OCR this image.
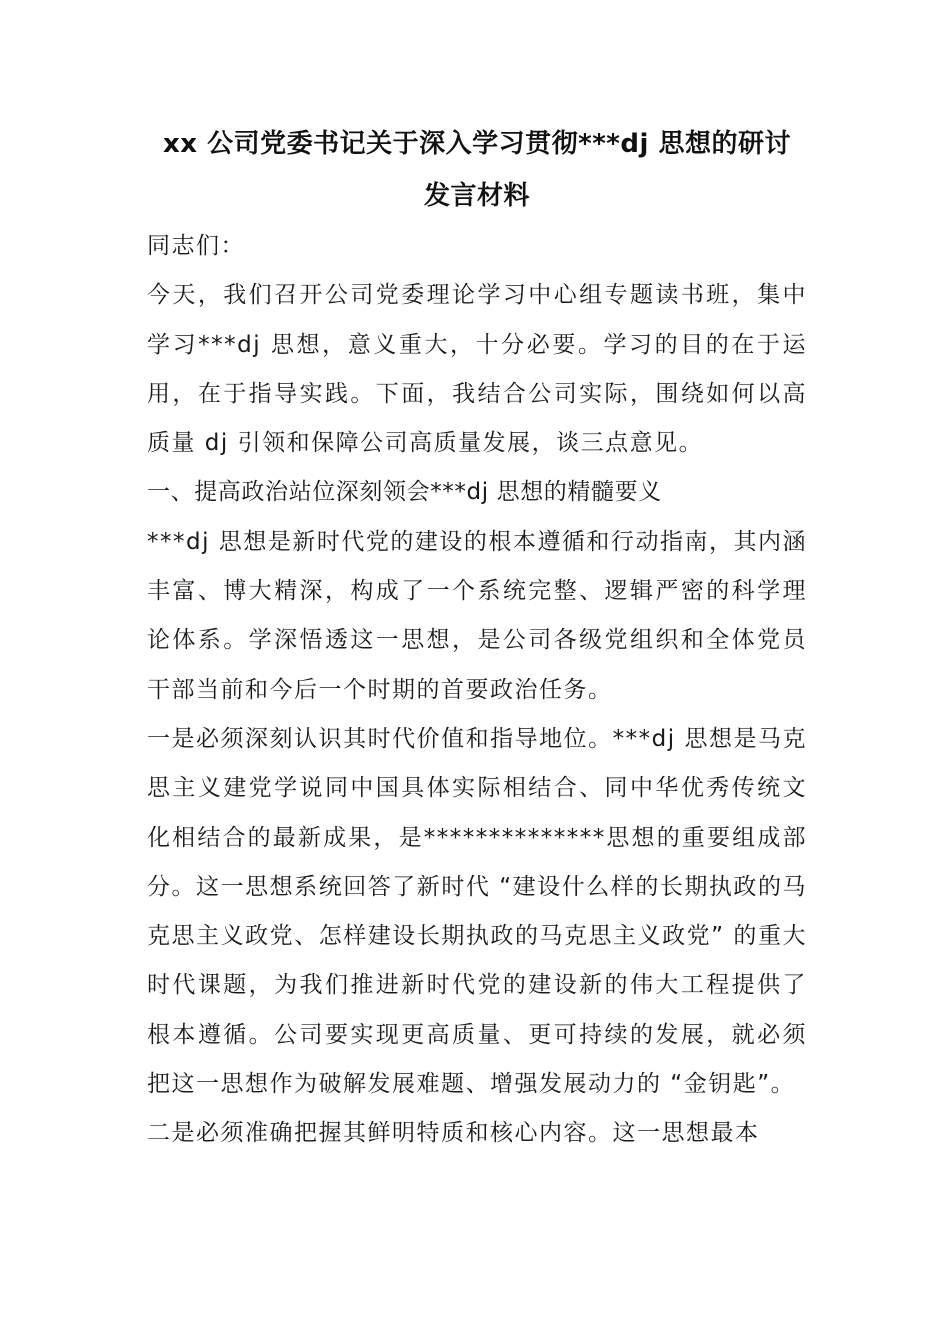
xx 公司党委书记关于深入学习贯彻***dj 思想的研讨
发言材料

同志们：

今天，我们召开公司党委理论学习中心组专题读书班，集中学习***dj 思想，意义重大，十分必要。学习的目的在于运用，在于指导实践。下面，我结合公司实际，围绕如何以高质量 dj 引领和保障公司高质量发展，谈三点意见。

一、提高政治站位深刻领会***dj 思想的精髓要义

***dj 思想是新时代党的建设的根本遵循和行动指南，其内涵丰富、博大精深，构成了一个系统完整、逻辑严密的科学理论体系。学深悟透这一思想，是公司各级党组织和全体党员干部当前和今后一个时期的首要政治任务。

一是必须深刻认识其时代价值和指导地位。***dj 思想是马克思主义建党学说同中国具体实际相结合、同中华优秀传统文化相结合的最新成果，是**************思想的重要组成部分。这一思想系统回答了新时代 “建设什么样的长期执政的马克思主义政党、怎样建设长期执政的马克思主义政党” 的重大时代课题，为我们推进新时代党的建设新的伟大工程提供了根本遵循。公司要实现更高质量、更可持续的发展，就必须把这一思想作为破解发展难题、增强发展动力的 “金钥匙”。

二是必须准确把握其鲜明特质和核心内容。这一思想最本
